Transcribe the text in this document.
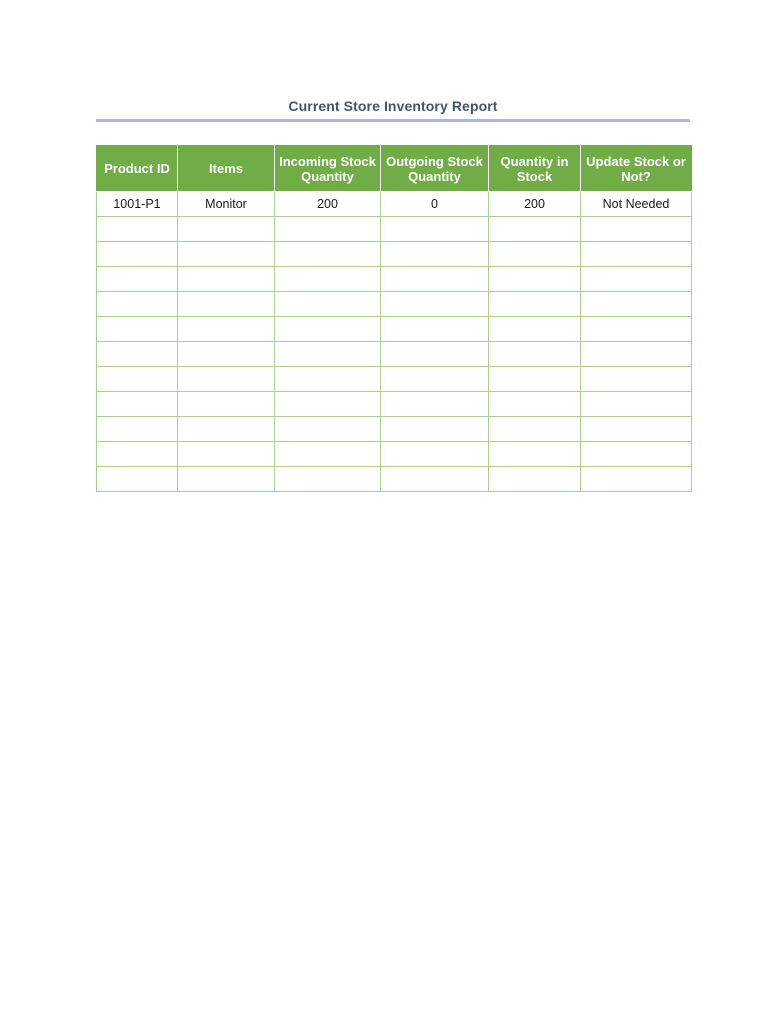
Current Store Inventory Report
Product ID	Items	Incoming Stock Quantity	Outgoing Stock Quantity	Quantity in Stock	Update Stock or Not?
1001-P1	Monitor	200	0	200	Not Needed
